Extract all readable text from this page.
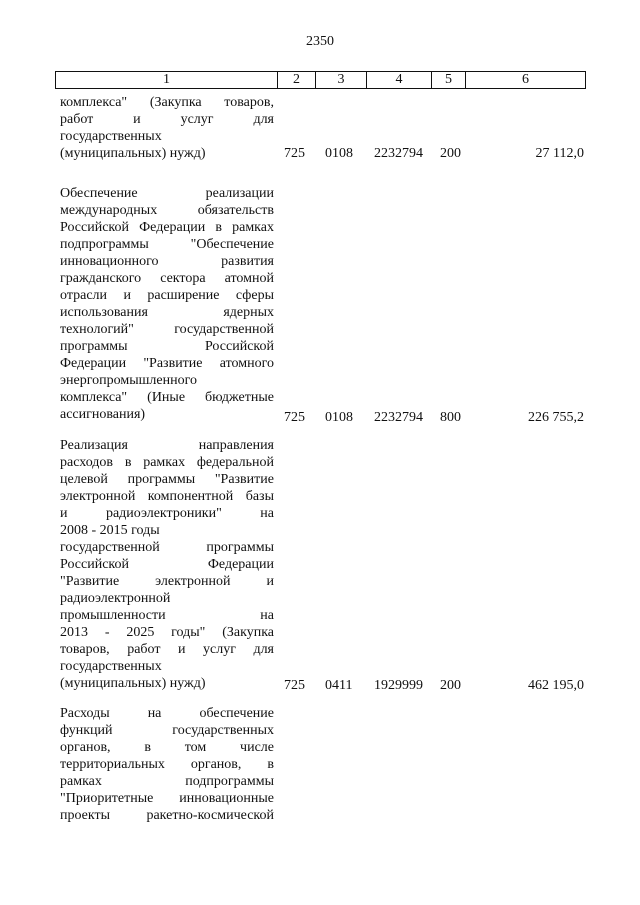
2350
1	2	3	4	5	6
комплекса" (Закупка товаров,
работ и услуг для
государственных
(муниципальных) нужд)	725 0108 2232794 200	27 112,0
Обеспечение реализации
международных обязательств
Российской Федерации в рамках
подпрограммы "Обеспечение
инновационного развития
гражданского сектора атомной
отрасли и расширение сферы
использования ядерных
технологий" государственной
программы Российской
Федерации "Развитие атомного
энергопромышленного
комплекса" (Иные бюджетные
ассигнования)	725 0108 2232794 800	226 755,2
Реализация направления
расходов в рамках федеральной
целевой программы "Развитие
электронной компонентной базы
и радиоэлектроники" на
2008 - 2015 годы
государственной программы
Российской Федерации
"Развитие электронной и
радиоэлектронной
промышленности на
2013 - 2025 годы" (Закупка
товаров, работ и услуг для
государственных
(муниципальных) нужд)	725 0411 1929999 200	462 195,0
Расходы на обеспечение
функций государственных
органов, в том числе
территориальных органов, в
рамках подпрограммы
"Приоритетные инновационные
проекты ракетно-космической
